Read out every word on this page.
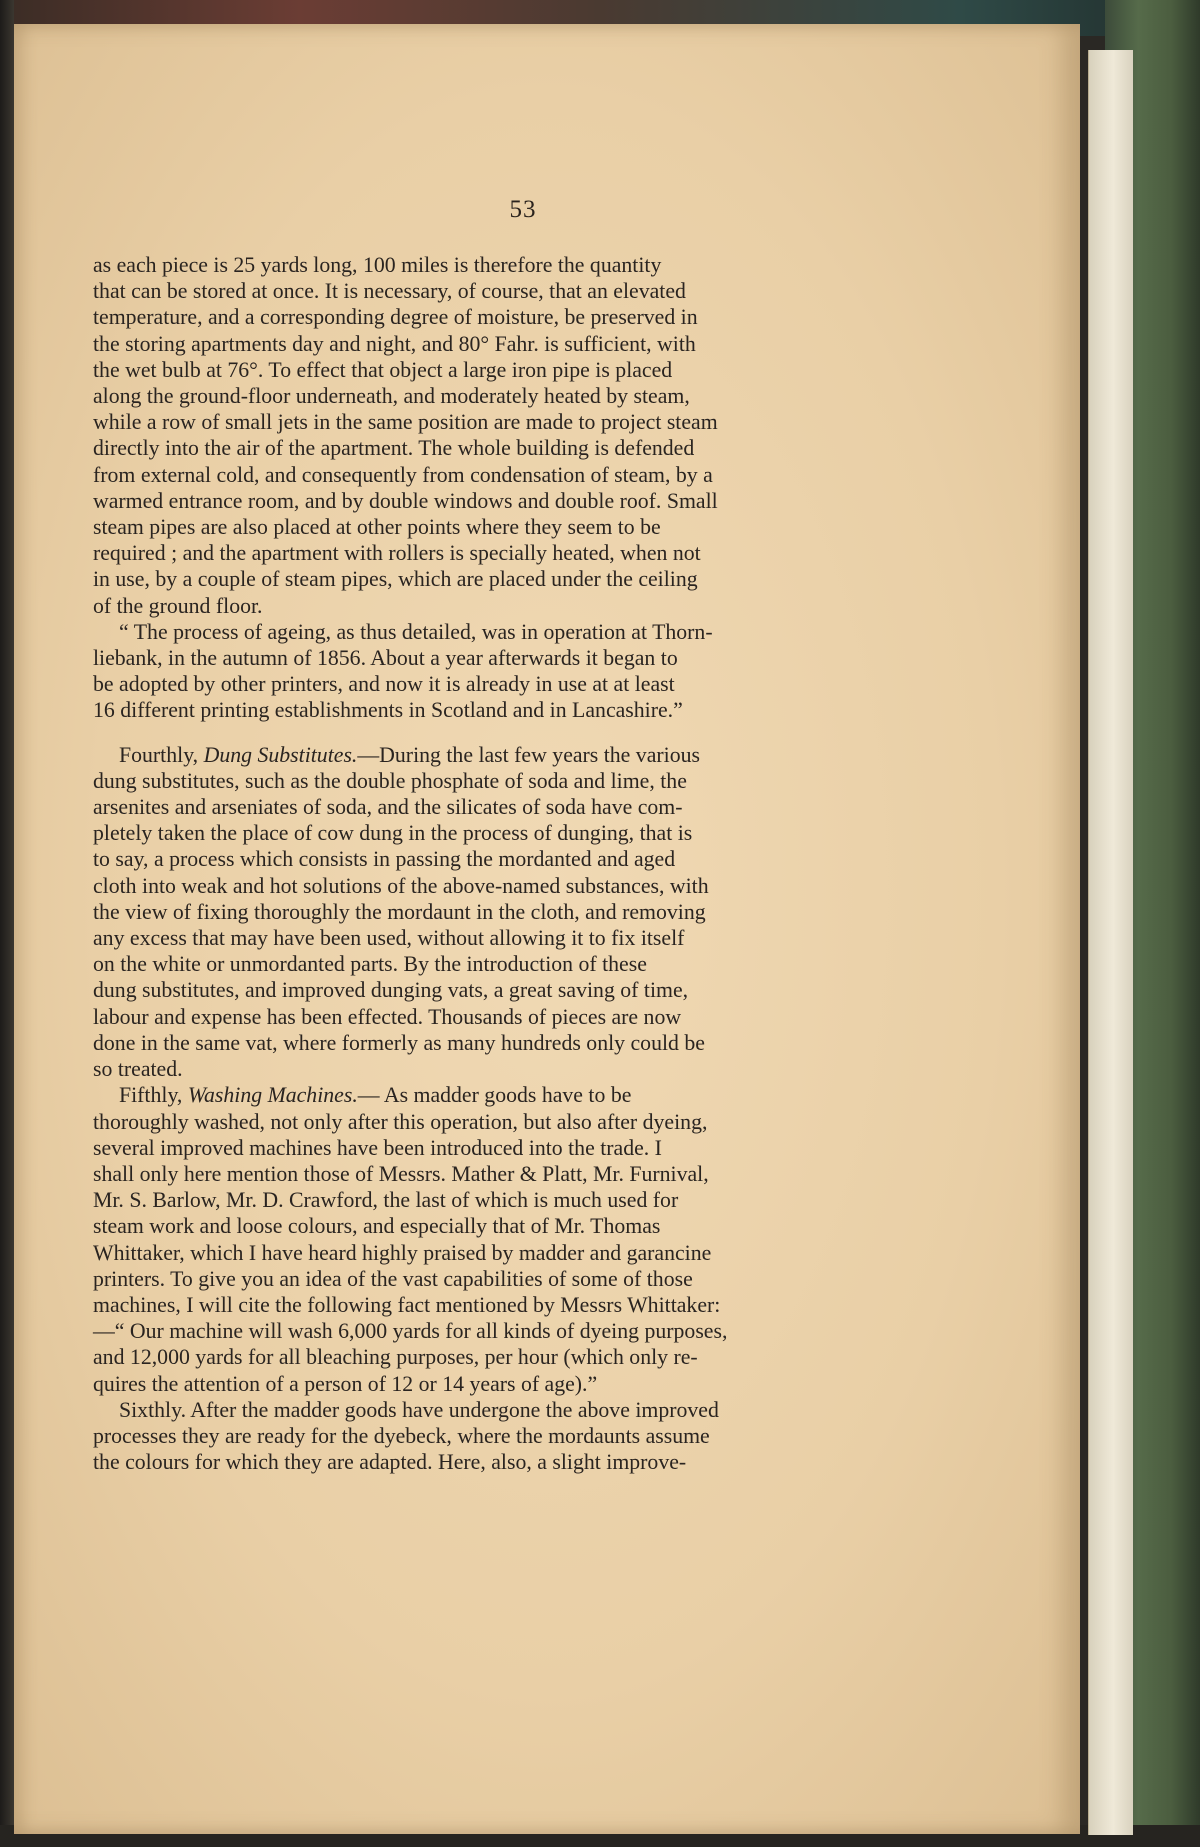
53

as each piece is 25 yards long, 100 miles is therefore the quantity
that can be stored at once. It is necessary, of course, that an elevated
temperature, and a corresponding degree of moisture, be preserved in
the storing apartments day and night, and 80° Fahr. is sufficient, with
the wet bulb at 76°. To effect that object a large iron pipe is placed
along the ground-floor underneath, and moderately heated by steam,
while a row of small jets in the same position are made to project steam
directly into the air of the apartment. The whole building is defended
from external cold, and consequently from condensation of steam, by a
warmed entrance room, and by double windows and double roof. Small
steam pipes are also placed at other points where they seem to be
required ; and the apartment with rollers is specially heated, when not
in use, by a couple of steam pipes, which are placed under the ceiling
of the ground floor.

“ The process of ageing, as thus detailed, was in operation at Thorn-
liebank, in the autumn of 1856. About a year afterwards it began to
be adopted by other printers, and now it is already in use at at least
16 different printing establishments in Scotland and in Lancashire.”

Fourthly, Dung Substitutes.—During the last few years the various
dung substitutes, such as the double phosphate of soda and lime, the
arsenites and arseniates of soda, and the silicates of soda have com-
pletely taken the place of cow dung in the process of dunging, that is
to say, a process which consists in passing the mordanted and aged
cloth into weak and hot solutions of the above-named substances, with
the view of fixing thoroughly the mordaunt in the cloth, and removing
any excess that may have been used, without allowing it to fix itself
on the white or unmordanted parts. By the introduction of these
dung substitutes, and improved dunging vats, a great saving of time,
labour and expense has been effected. Thousands of pieces are now
done in the same vat, where formerly as many hundreds only could be
so treated.

Fifthly, Washing Machines.— As madder goods have to be
thoroughly washed, not only after this operation, but also after dyeing,
several improved machines have been introduced into the trade. I
shall only here mention those of Messrs. Mather & Platt, Mr. Furnival,
Mr. S. Barlow, Mr. D. Crawford, the last of which is much used for
steam work and loose colours, and especially that of Mr. Thomas
Whittaker, which I have heard highly praised by madder and garancine
printers. To give you an idea of the vast capabilities of some of those
machines, I will cite the following fact mentioned by Messrs Whittaker:
—“ Our machine will wash 6,000 yards for all kinds of dyeing purposes,
and 12,000 yards for all bleaching purposes, per hour (which only re-
quires the attention of a person of 12 or 14 years of age).”

Sixthly. After the madder goods have undergone the above improved
processes they are ready for the dyebeck, where the mordaunts assume
the colours for which they are adapted. Here, also, a slight improve-
